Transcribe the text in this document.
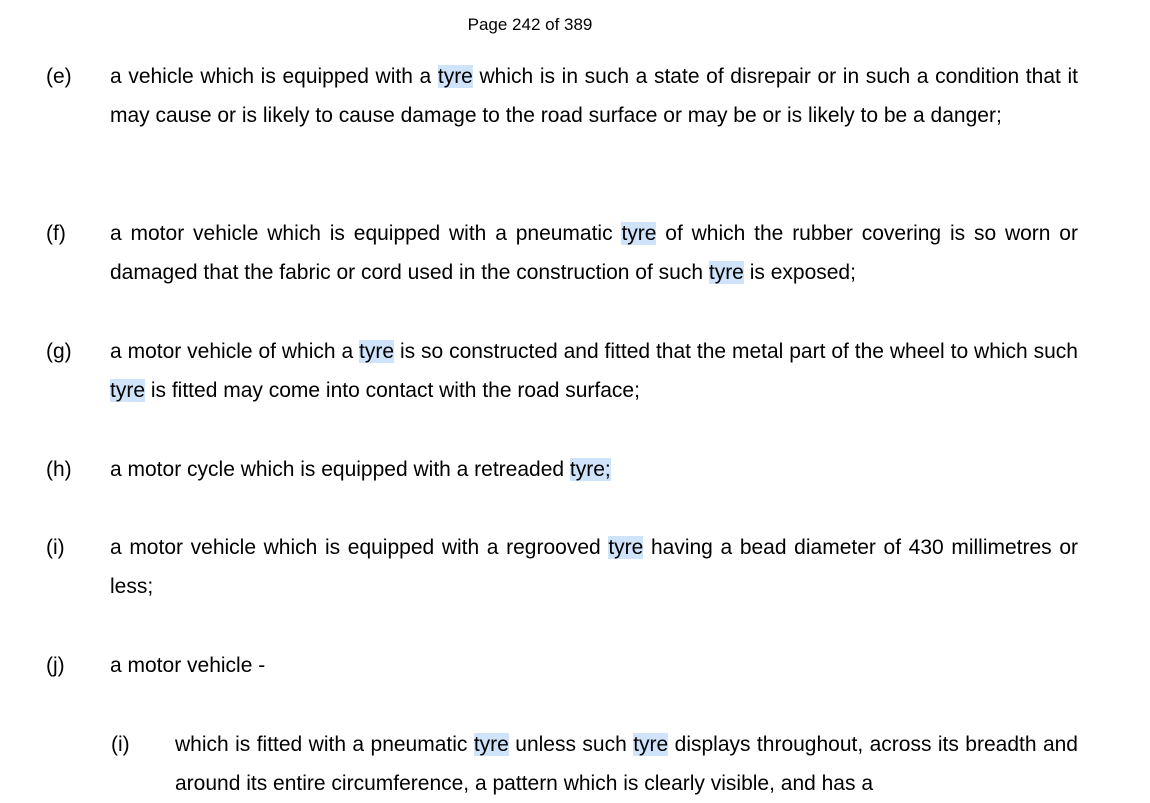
Page 242 of 389
(e) a vehicle which is equipped with a tyre which is in such a state of disrepair or in such a condition that it may cause or is likely to cause damage to the road surface or may be or is likely to be a danger;
(f) a motor vehicle which is equipped with a pneumatic tyre of which the rubber covering is so worn or damaged that the fabric or cord used in the construction of such tyre is exposed;
(g) a motor vehicle of which a tyre is so constructed and fitted that the metal part of the wheel to which such tyre is fitted may come into contact with the road surface;
(h) a motor cycle which is equipped with a retreaded tyre;
(i) a motor vehicle which is equipped with a regrooved tyre having a bead diameter of 430 millimetres or less;
(j) a motor vehicle -
(i) which is fitted with a pneumatic tyre unless such tyre displays throughout, across its breadth and around its entire circumference, a pattern which is clearly visible, and has a
